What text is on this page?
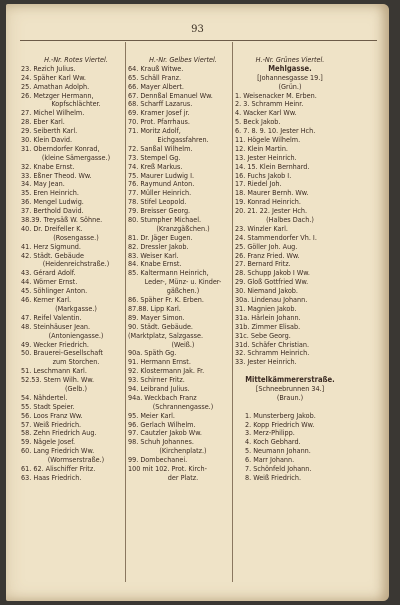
93
H.-Nr. Rotes Viertel.
23. Rezich Julius.
24. Späher Karl Ww.
25. Amathan Adolph.
26. Metzger Hermann,
Kopfschlächter.
27. Michel Wilhelm.
28. Eber Karl.
29. Seiberth Karl.
30. Klein David.
31. Oberndorfer Konrad,
(kleine Sämergasse.)
32. Knabe Ernst.
33. Eßner Theod. Ww.
34. May Jean.
35. Eren Heinrich.
36. Mengel Ludwig.
37. Berthold David.
38.39. Treysäß W. Söhne.
40. Dr. Dreifeller K.
(Rosengasse.)
41. Herz Sigmund.
42. Städt. Gebäude
(Heidenreichstraße.)
43. Gérard Adolf.
44. Wörner Ernst.
45. Söhlinger Anton.
46. Kerner Karl.
(Markgasse.)
47. Reifel Valentin.
48. Steinhäuser Jean.
(Antoniengasse.)
49. Wecker Friedrich.
50. Brauerei-Gesellschaft
zum Storchen.
51. Leschmann Karl.
52.53. Stern Wilh. Ww.
(Gelb.)
54. Nähdertel.
55. Stadt Speier.
56. Loos Franz Ww.
57. Weiß Friedrich.
58. Zehn Friedrich Aug.
59. Nägele Josef.
60. Lang Friedrich Ww.
(Wormserstraße.)
61. 62. Alischiffer Fritz.
63. Haas Friedrich.
H.-Nr. Gelbes Viertel.
64. Krauß Witwe.
65. Schäll Franz.
66. Mayer Albert.
67. Dennßal Emanuel Ww.
68. Scharff Lazarus.
69. Kramer Josef jr.
70. Prot. Pfarrhaus.
71. Moritz Adolf,
Eichgassfahren.
72. Sanßal Wilhelm.
73. Stempel Gg.
74. Kreß Markus.
75. Maurer Ludwig I.
76. Raymund Anton.
77. Müller Heinrich.
78. Stifel Leopold.
79. Breisser Georg.
80. Stumpher Michael.
(Kranzgäßchen.)
81. Dr. Jäger Eugen.
82. Dressler Jakob.
83. Weiser Karl.
84. Knabe Ernst.
85. Kaltermann Heinrich,
Leder-, Münz- u. Kinder-
gäßchen.)
86. Späher Fr. K. Erben.
87.88. Lipp Karl.
89. Mayer Simon.
90. Städt. Gebäude.
(Marktplatz, Salzgasse.
(Weiß.)
90a. Späth Gg.
91. Hermann Ernst.
92. Klostermann Jak. Fr.
93. Schirner Fritz.
94. Leibrand Julius.
94a. Weckbach Franz
(Schrannengasse.)
95. Meier Karl.
96. Gerlach Wilhelm.
97. Cautzler Jakob Ww.
98. Schuh Johannes.
(Kirchenplatz.)
99. Dombechanei.
100 mit 102. Prot. Kirch-
der Platz.
H.-Nr. Grünes Viertel.
Mehlgasse.
[Johannesgasse 19.]
(Grün.)
1. Weisenacker M. Erben.
2. 3. Schramm Heinr.
4. Wacker Karl Ww.
5. Beck Jakob.
6. 7. 8. 9. 10. Jester Hch.
11. Högele Wilhelm.
12. Klein Martin.
13. Jester Heinrich.
14. 15. Klein Bernhard.
16. Fuchs Jakob I.
17. Riedel Joh.
18. Maurer Bernh. Ww.
19. Konrad Heinrich.
20. 21. 22. Jester Hch.
(Halbes Dach.)
23. Winzler Karl.
24. Stammendorfer Vh. I.
25. Göller Joh. Aug.
26. Franz Fried. Ww.
27. Bernard Fritz.
28. Schupp Jakob I Ww.
29. Gloß Gottfried Ww.
30. Niemand Jakob.
30a. Lindenau Johann.
31. Magnien Jakob.
31a. Härlein Johann.
31b. Zimmer Elisab.
31c. Sebe Georg.
31d. Schäfer Christian.
32. Schramm Heinrich.
33. Jester Heinrich.
Mittelkämmererstraße.
[Schneebrunnen 34.]
(Braun.)
1. Munsterberg Jakob.
2. Kopp Friedrich Ww.
3. Merz-Philipp.
4. Koch Gebhard.
5. Neumann Johann.
6. Marr Johann.
7. Schönfeld Johann.
8. Weiß Friedrich.
